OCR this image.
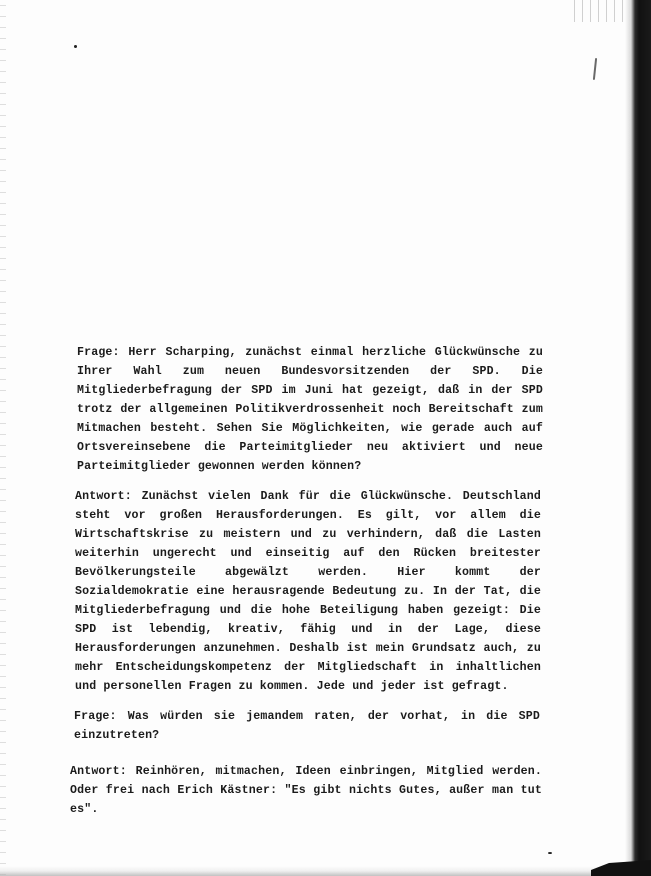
Frage: Herr Scharping, zunächst einmal herzliche Glückwünsche zu Ihrer Wahl zum neuen Bundesvorsitzenden der SPD. Die Mitgliederbefragung der SPD im Juni hat gezeigt, daß in der SPD trotz der allgemeinen Politikverdrossenheit noch Bereitschaft zum Mitmachen besteht. Sehen Sie Möglichkeiten, wie gerade auch auf Ortsvereinsebene die Parteimitglieder neu aktiviert und neue Parteimitglieder gewonnen werden können?

Antwort: Zunächst vielen Dank für die Glückwünsche. Deutschland steht vor großen Herausforderungen. Es gilt, vor allem die Wirtschaftskrise zu meistern und zu verhindern, daß die Lasten weiterhin ungerecht und einseitig auf den Rücken breitester Bevölkerungsteile abgewälzt werden. Hier kommt der Sozialdemokratie eine herausragende Bedeutung zu. In der Tat, die Mitgliederbefragung und die hohe Beteiligung haben gezeigt: Die SPD ist lebendig, kreativ, fähig und in der Lage, diese Herausforderungen anzunehmen. Deshalb ist mein Grundsatz auch, zu mehr Entscheidungskompetenz der Mitgliedschaft in inhaltlichen und personellen Fragen zu kommen. Jede und jeder ist gefragt.

Frage: Was würden sie jemandem raten, der vorhat, in die SPD einzutreten?

Antwort: Reinhören, mitmachen, Ideen einbringen, Mitglied werden. Oder frei nach Erich Kästner: "Es gibt nichts Gutes, außer man tut es".
